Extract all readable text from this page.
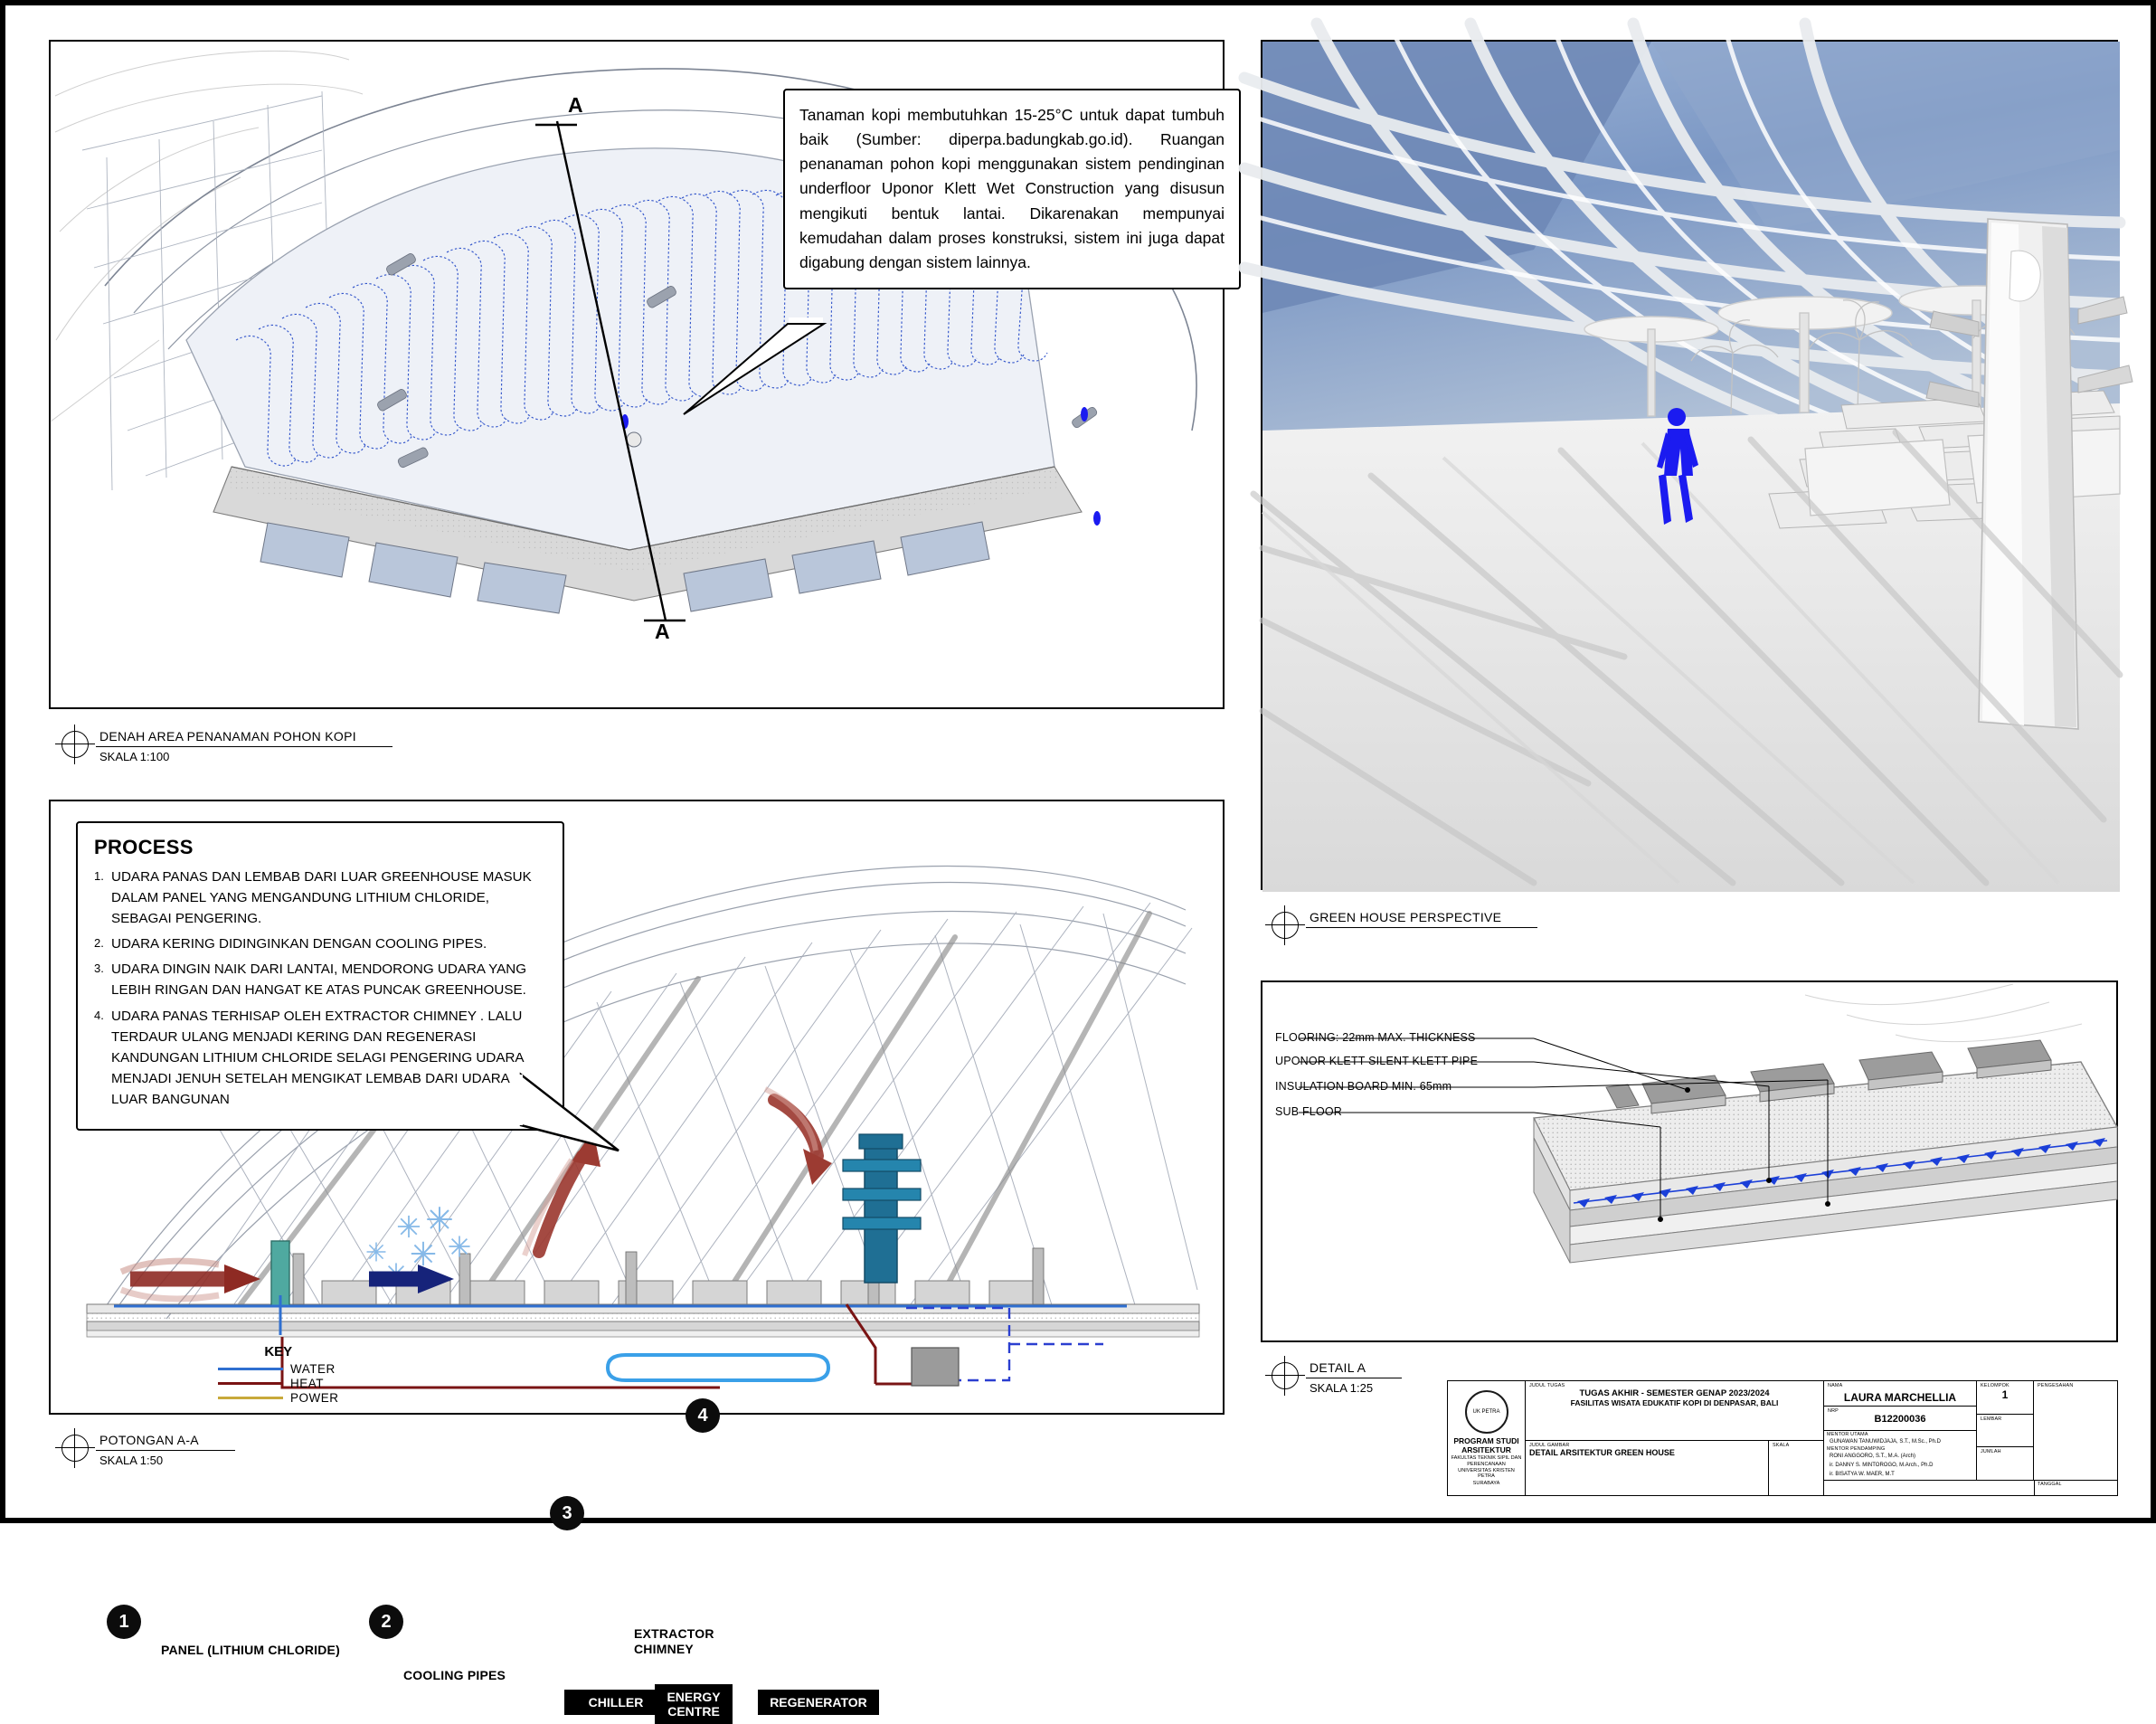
A
A
Tanaman kopi membutuhkan 15-25°C untuk dapat tumbuh baik (Sumber: diperpa.badungkab.go.id). Ruangan penanaman pohon kopi menggunakan sistem pendinginan underfloor Uponor Klett Wet Construction yang disusun mengikuti bentuk lantai. Dikarenakan mempunyai kemudahan dalam proses konstruksi, sistem ini juga dapat digabung dengan sistem lainnya.
DENAH AREA PENANAMAN POHON KOPI
SKALA 1:100
PROCESS
UDARA PANAS DAN LEMBAB DARI LUAR GREENHOUSE MASUK DALAM PANEL YANG MENGANDUNG LITHIUM CHLORIDE, SEBAGAI PENGERING.
UDARA KERING DIDINGINKAN DENGAN COOLING PIPES.
UDARA DINGIN NAIK DARI LANTAI, MENDORONG UDARA YANG LEBIH RINGAN DAN HANGAT KE ATAS PUNCAK GREENHOUSE.
UDARA PANAS TERHISAP OLEH EXTRACTOR CHIMNEY . LALU TERDAUR ULANG MENJADI KERING DAN REGENERASI KANDUNGAN LITHIUM CHLORIDE SELAGI PENGERING UDARA MENJADI JENUH SETELAH MENGIKAT LEMBAB DARI UDARA LUAR BANGUNAN
1	2
3
4
PANEL (LITHIUM CHLORIDE)
COOLING PIPES
EXTRACTOR
CHIMNEY
CHILLER	ENERGY
CENTRE
REGENERATOR
KEY
WATER
HEAT
POWER
POTONGAN A-A
SKALA 1:50
GREEN HOUSE PERSPECTIVE
FLOORING: 22mm MAX. THICKNESS
UPONOR KLETT SILENT KLETT PIPE
INSULATION BOARD MIN. 65mm
SUB FLOOR
DETAIL A
SKALA 1:25
UK PETRA
PROGRAM STUDI ARSITEKTUR
FAKULTAS TEKNIK SIPIL DAN PERENCANAAN
UNIVERSITAS KRISTEN PETRA
SURABAYA
JUDUL TUGAS
TUGAS AKHIR - SEMESTER GENAP 2023/2024
FASILITAS WISATA EDUKATIF KOPI DI DENPASAR, BALI
JUDUL GAMBAR
DETAIL ARSITEKTUR GREEN HOUSE
SKALA
NAMA
LAURA MARCHELLIA
NRP
B12200036
MENTOR UTAMA
GUNAWAN TANUWIDJAJA, S.T., M.Sc., Ph.D
MENTOR PENDAMPING
RONI ANGGORO, S.T., M.A. (Arch)
ir. DANNY S. MINTOROGO, M.Arch., Ph.D
ir. BISATYA W. MAER, M.T
KELOMPOK
1
LEMBAR
JUMLAH
PENGESAHAN
TANGGAL
